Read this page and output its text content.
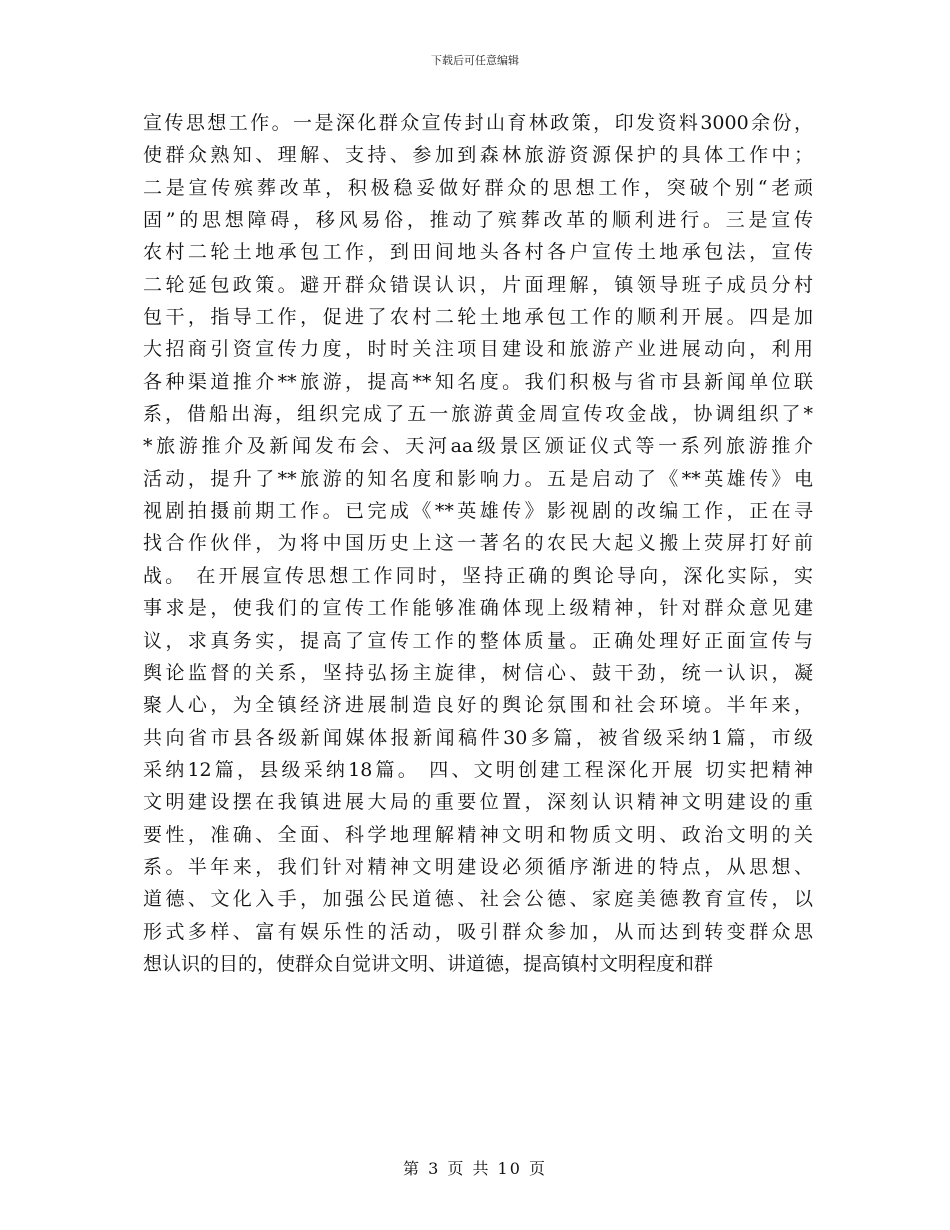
下载后可任意编辑
宣传思想工作。一是深化群众宣传封山育林政策，印发资料3000余份，
使群众熟知、理解、支持、参加到森林旅游资源保护的具体工作中；
二是宣传殡葬改革，积极稳妥做好群众的思想工作，突破个别“老顽
固”的思想障碍，移风易俗，推动了殡葬改革的顺利进行。三是宣传
农村二轮土地承包工作，到田间地头各村各户宣传土地承包法，宣传
二轮延包政策。避开群众错误认识，片面理解，镇领导班子成员分村
包干，指导工作，促进了农村二轮土地承包工作的顺利开展。四是加
大招商引资宣传力度，时时关注项目建设和旅游产业进展动向，利用
各种渠道推介**旅游，提高**知名度。我们积极与省市县新闻单位联
系，借船出海，组织完成了五一旅游黄金周宣传攻金战，协调组织了*
*旅游推介及新闻发布会、天河aa级景区颁证仪式等一系列旅游推介
活动，提升了**旅游的知名度和影响力。五是启动了《**英雄传》电
视剧拍摄前期工作。已完成《**英雄传》影视剧的改编工作，正在寻
找合作伙伴，为将中国历史上这一著名的农民大起义搬上荧屏打好前
战。 在开展宣传思想工作同时，坚持正确的舆论导向，深化实际，实
事求是，使我们的宣传工作能够准确体现上级精神，针对群众意见建
议，求真务实，提高了宣传工作的整体质量。正确处理好正面宣传与
舆论监督的关系，坚持弘扬主旋律，树信心、鼓干劲，统一认识，凝
聚人心，为全镇经济进展制造良好的舆论氛围和社会环境。半年来，
共向省市县各级新闻媒体报新闻稿件30多篇，被省级采纳1篇，市级
采纳12篇，县级采纳18篇。 四、文明创建工程深化开展 切实把精神
文明建设摆在我镇进展大局的重要位置，深刻认识精神文明建设的重
要性，准确、全面、科学地理解精神文明和物质文明、政治文明的关
系。半年来，我们针对精神文明建设必须循序渐进的特点，从思想、
道德、文化入手，加强公民道德、社会公德、家庭美德教育宣传，以
形式多样、富有娱乐性的活动，吸引群众参加，从而达到转变群众思
想认识的目的，使群众自觉讲文明、讲道德，提高镇村文明程度和群
第 3 页 共 10 页
